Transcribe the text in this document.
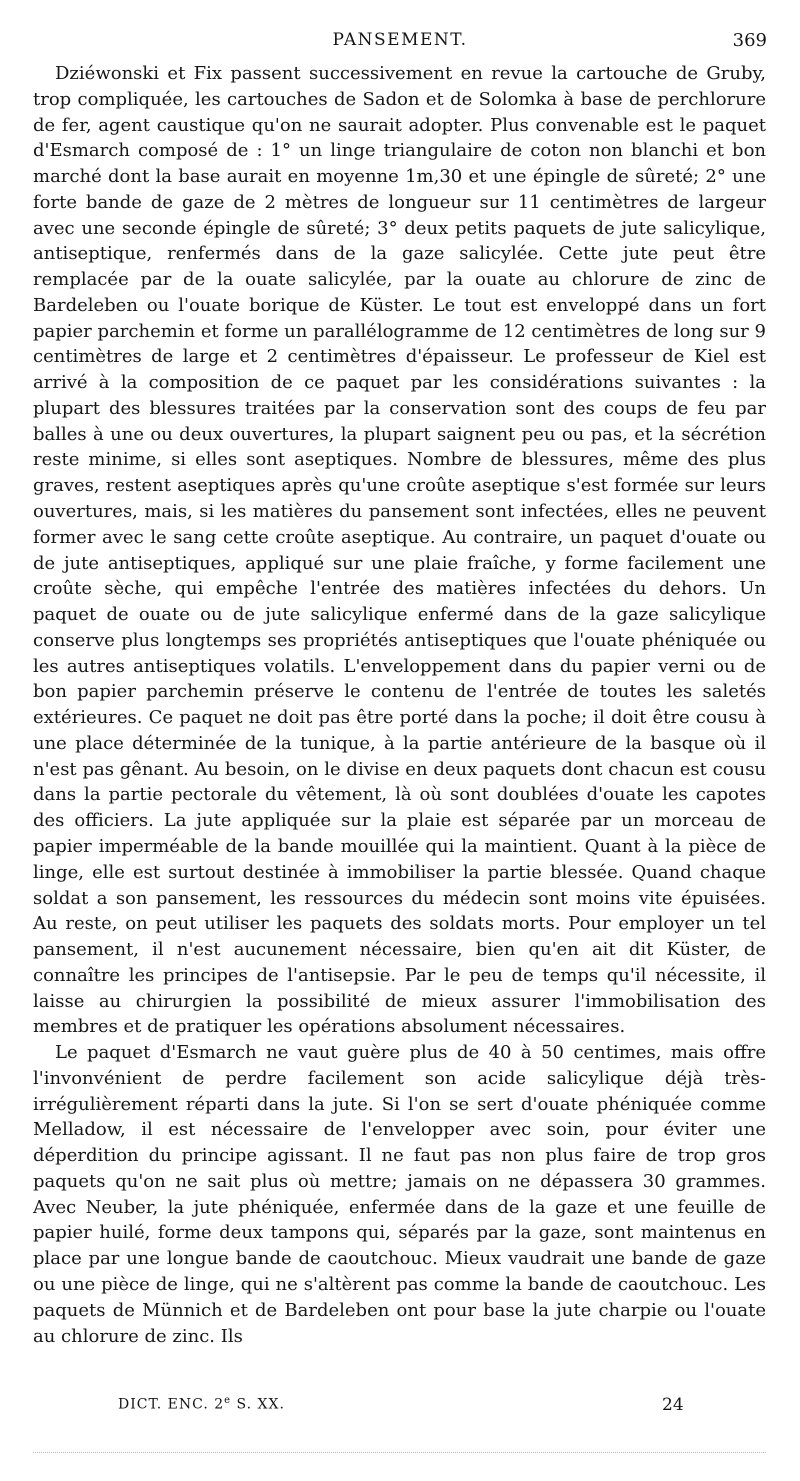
PANSEMENT.	369

Dziéwonski et Fix passent successivement en revue la cartouche de Gruby, trop compliquée, les cartouches de Sadon et de Solomka à base de perchlorure de fer, agent caustique qu'on ne saurait adopter. Plus convenable est le paquet d'Esmarch composé de : 1° un linge triangulaire de coton non blanchi et bon marché dont la base aurait en moyenne 1m,30 et une épingle de sûreté; 2° une forte bande de gaze de 2 mètres de longueur sur 11 centimètres de largeur avec une seconde épingle de sûreté; 3° deux petits paquets de jute salicylique, antiseptique, renfermés dans de la gaze salicylée. Cette jute peut être remplacée par de la ouate salicylée, par la ouate au chlorure de zinc de Bardeleben ou l'ouate borique de Küster. Le tout est enveloppé dans un fort papier parchemin et forme un parallélogramme de 12 centimètres de long sur 9 centimètres de large et 2 centimètres d'épaisseur. Le professeur de Kiel est arrivé à la composition de ce paquet par les considérations suivantes : la plupart des blessures traitées par la conservation sont des coups de feu par balles à une ou deux ouvertures, la plupart saignent peu ou pas, et la sécrétion reste minime, si elles sont aseptiques. Nombre de blessures, même des plus graves, restent aseptiques après qu'une croûte aseptique s'est formée sur leurs ouvertures, mais, si les matières du pansement sont infectées, elles ne peuvent former avec le sang cette croûte aseptique. Au contraire, un paquet d'ouate ou de jute antiseptiques, appliqué sur une plaie fraîche, y forme facilement une croûte sèche, qui empêche l'entrée des matières infectées du dehors. Un paquet de ouate ou de jute salicylique enfermé dans de la gaze salicylique conserve plus longtemps ses propriétés antiseptiques que l'ouate phéniquée ou les autres antiseptiques volatils. L'enveloppement dans du papier verni ou de bon papier parchemin préserve le contenu de l'entrée de toutes les saletés extérieures. Ce paquet ne doit pas être porté dans la poche; il doit être cousu à une place déterminée de la tunique, à la partie antérieure de la basque où il n'est pas gênant. Au besoin, on le divise en deux paquets dont chacun est cousu dans la partie pectorale du vêtement, là où sont doublées d'ouate les capotes des officiers. La jute appliquée sur la plaie est séparée par un morceau de papier imperméable de la bande mouillée qui la maintient. Quant à la pièce de linge, elle est surtout destinée à immobiliser la partie blessée. Quand chaque soldat a son pansement, les ressources du médecin sont moins vite épuisées. Au reste, on peut utiliser les paquets des soldats morts. Pour employer un tel pansement, il n'est aucunement nécessaire, bien qu'en ait dit Küster, de connaître les principes de l'antisepsie. Par le peu de temps qu'il nécessite, il laisse au chirurgien la possibilité de mieux assurer l'immobilisation des membres et de pratiquer les opérations absolument nécessaires.

Le paquet d'Esmarch ne vaut guère plus de 40 à 50 centimes, mais offre l'invonvénient de perdre facilement son acide salicylique déjà très-irrégulièrement réparti dans la jute. Si l'on se sert d'ouate phéniquée comme Melladow, il est nécessaire de l'envelopper avec soin, pour éviter une déperdition du principe agissant. Il ne faut pas non plus faire de trop gros paquets qu'on ne sait plus où mettre; jamais on ne dépassera 30 grammes. Avec Neuber, la jute phéniquée, enfermée dans de la gaze et une feuille de papier huilé, forme deux tampons qui, séparés par la gaze, sont maintenus en place par une longue bande de caoutchouc. Mieux vaudrait une bande de gaze ou une pièce de linge, qui ne s'altèrent pas comme la bande de caoutchouc. Les paquets de Münnich et de Bardeleben ont pour base la jute charpie ou l'ouate au chlorure de zinc. Ils

DICT. ENC. 2e S. XX.	24
